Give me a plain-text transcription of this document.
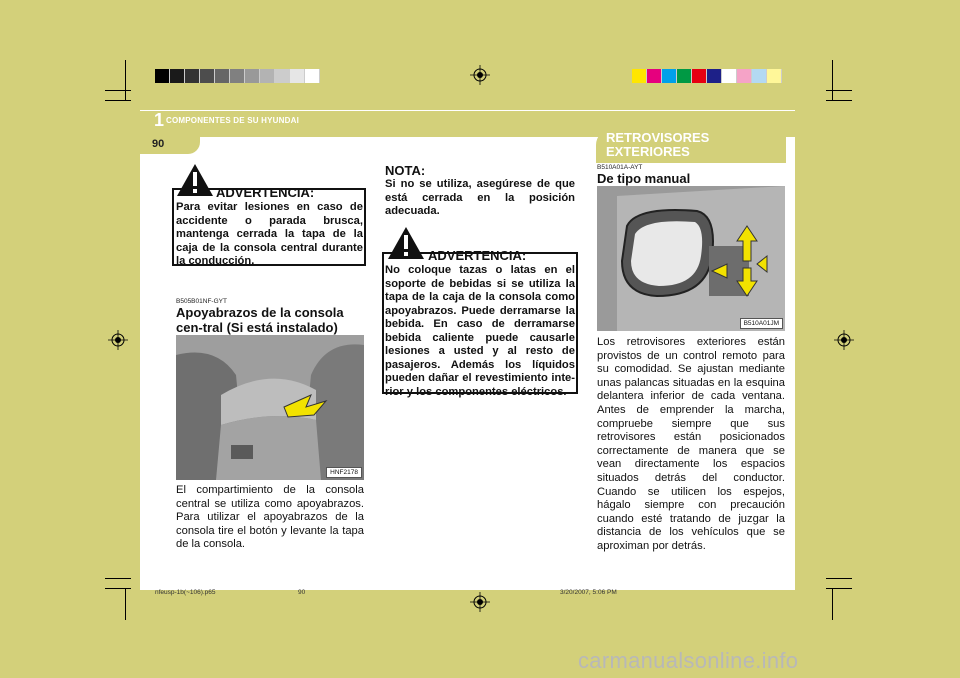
1 COMPONENTES DE SU HYUNDAI
90
ADVERTENCIA:
Para evitar lesiones en caso de accidente o parada brusca, mantenga cerrada la tapa de la caja de la consola central durante la conducción.
B505B01NF-GYT
Apoyabrazos de la consola cen-tral (Si está instalado)
HNF2178
El compartimiento de la consola central se utiliza como apoyabrazos. Para utilizar el apoyabrazos de la consola tire el botón y levante la tapa de la consola.
NOTA:
Si no se utiliza, asegúrese de que está cerrada en la posición adecuada.
ADVERTENCIA:
No coloque tazas o latas en el soporte de bebidas si se utiliza la tapa de la caja de la consola como apoyabrazos. Puede derramarse la bebida. En caso de derramarse bebida caliente puede causarle lesiones a usted y al resto de pasajeros. Además los líquidos pueden dañar el revestimiento inte-rior y los componentes eléctricos.
RETROVISORES EXTERIORES
B510A01A-AYT
De tipo manual
B510A01JM
Los retrovisores exteriores están provistos de un control remoto para su comodidad. Se ajustan mediante unas palancas situadas en la esquina delantera inferior de cada ventana. Antes de emprender la marcha, compruebe siempre que sus retrovisores están posicionados correctamente de manera que se vean directamente los espacios situados detrás del conductor. Cuando se utilicen los espejos, hágalo siempre con precaución cuando esté tratando de juzgar la distancia de los vehículos que se aproximan por detrás.
nfeusp-1b(~106).p65	90	3/20/2007, 5:06 PM
carmanualsonline.info
